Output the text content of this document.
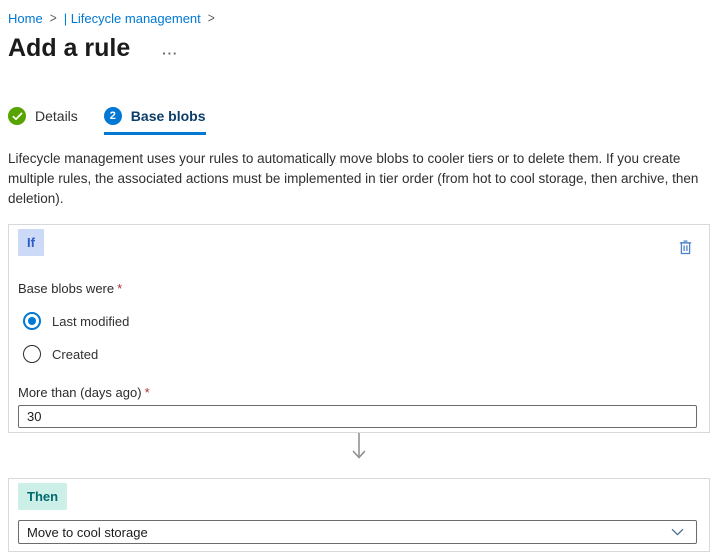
Home > | Lifecycle management >
Add a rule ···
Details	2	Base blobs

Lifecycle management uses your rules to automatically move blobs to cooler tiers or to delete them. If you create multiple rules, the associated actions must be implemented in tier order (from hot to cool storage, then archive, then deletion).

If
Base blobs were *
Last modified
Created
More than (days ago) *
30
Then
Move to cool storage
